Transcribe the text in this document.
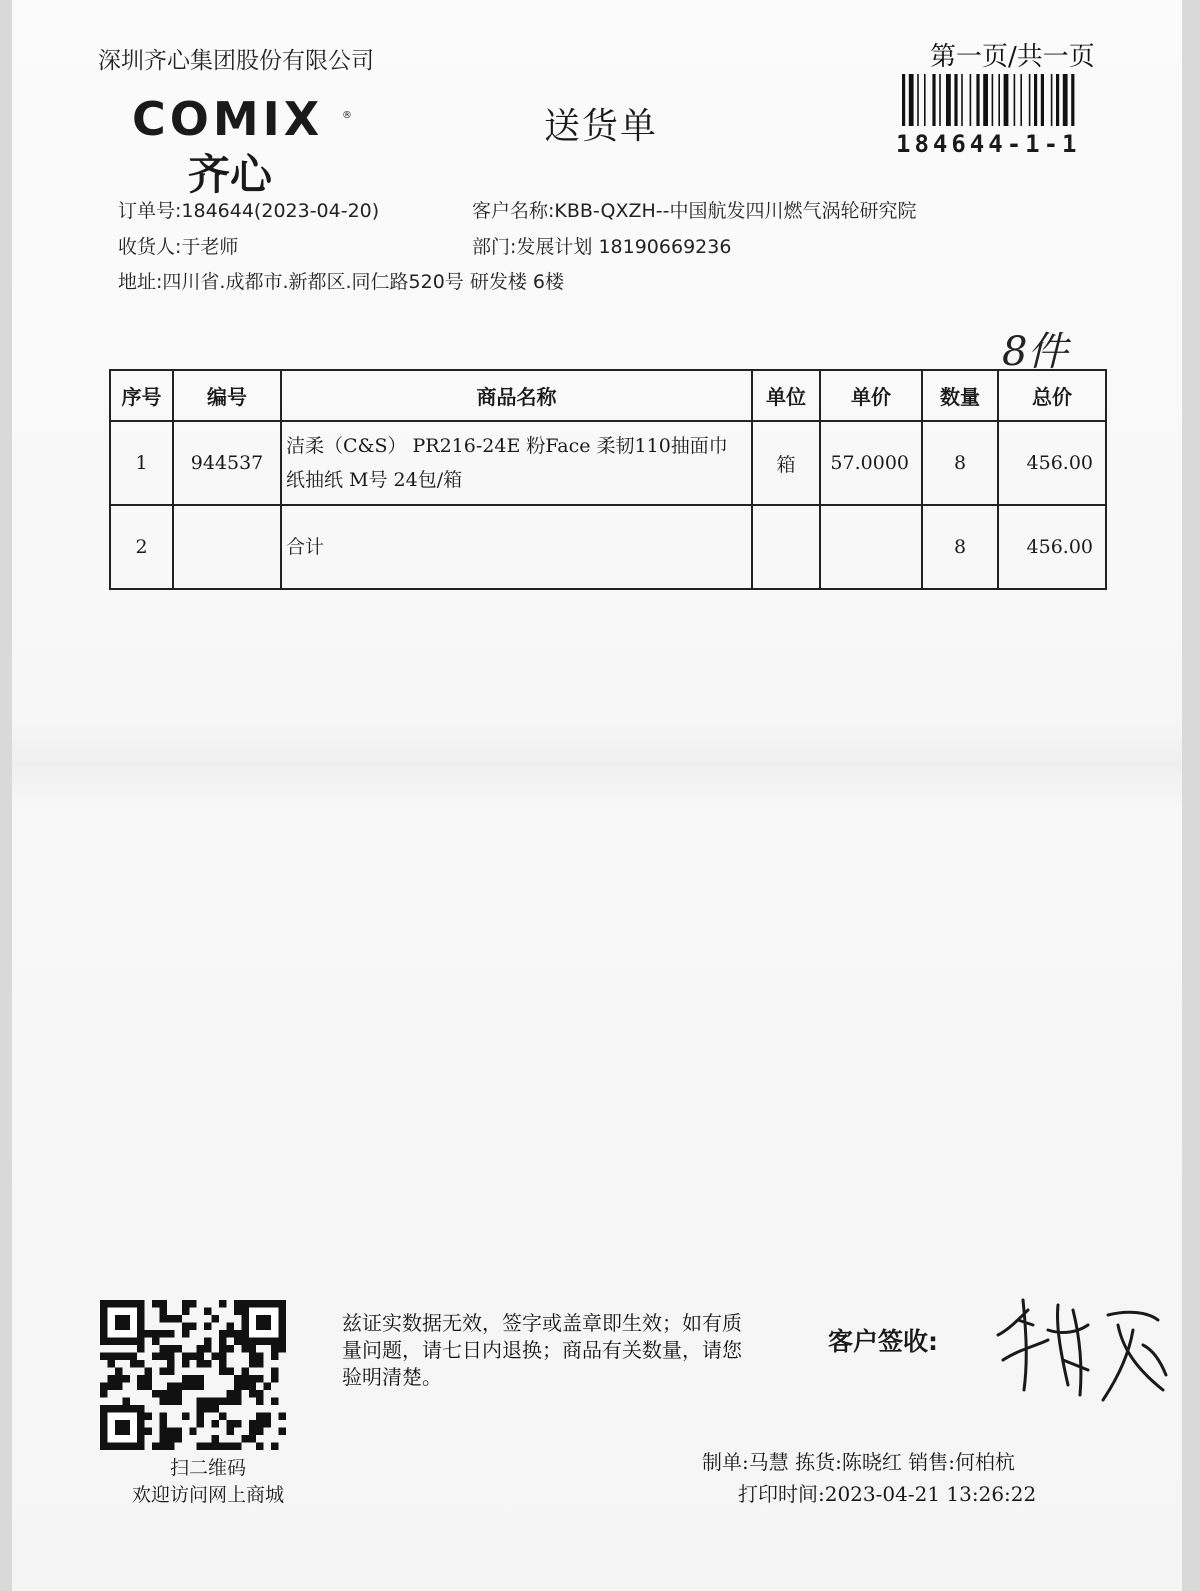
深圳齐心集团股份有限公司	第一页/共一页
184644-1-1
COMIX ®
齐心
送货单
订单号:184644(2023-04-20)	客户名称:KBB-QXZH--中国航发四川燃气涡轮研究院
收货人:于老师	部门:发展计划 18190669236
地址:四川省.成都市.新都区.同仁路520号 研发楼 6楼
8件
序号	编号	商品名称	单位	单价	数量	总价
1	944537	洁柔（C&S） PR216-24E 粉Face 柔韧110抽面巾
纸抽纸 M号 24包/箱	箱	57.0000	8	456.00
2		合计			8	456.00
扫二维码
欢迎访问网上商城
兹证实数据无效，签字或盖章即生效；如有质量问题，请七日内退换；商品有关数量，请您验明清楚。
客户签收:
制单:马慧 拣货:陈晓红 销售:何柏杭
打印时间:2023-04-21 13:26:22
